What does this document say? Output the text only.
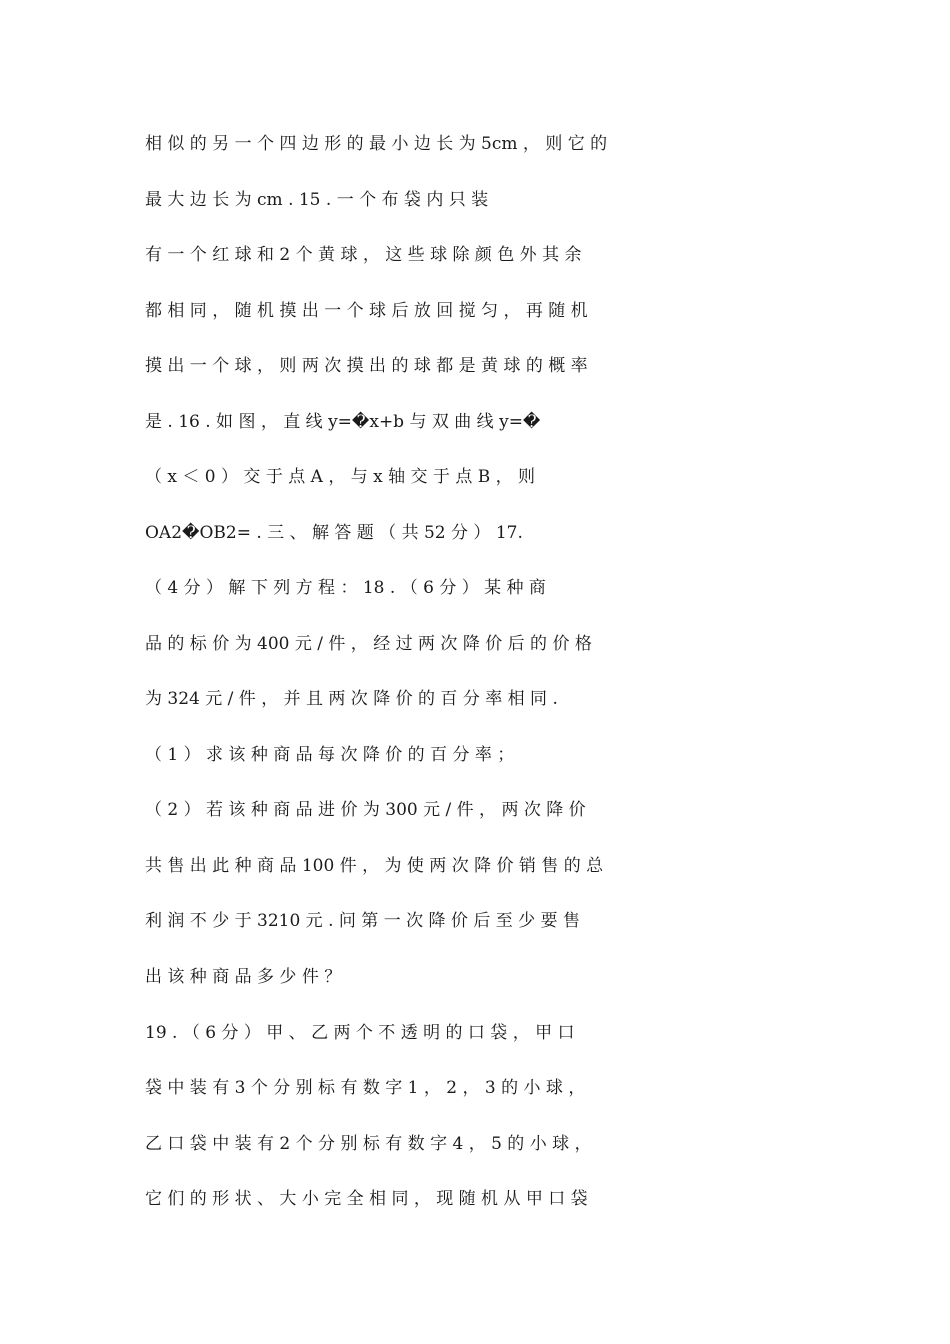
相 似 的 另 一 个 四 边 形 的 最 小 边 长 为 5cm ， 则 它 的

最 大 边 长 为 cm . 15 . 一 个 布 袋 内 只 装

有 一 个 红 球 和 2 个 黄 球 ， 这 些 球 除 颜 色 外 其 余

都 相 同 ， 随 机 摸 出 一 个 球 后 放 回 搅 匀 ， 再 随 机

摸 出 一 个 球 ， 则 两 次 摸 出 的 球 都 是 黄 球 的 概 率

是 . 16 . 如 图 ， 直 线 y=�x+b 与 双 曲 线 y=�

（ x ＜ 0 ） 交 于 点 A ， 与 x 轴 交 于 点 B ， 则

OA2�OB2= . 三 、 解 答 题 （ 共 52 分 ） 17.

（ 4 分 ） 解 下 列 方 程 ： 18 . （ 6 分 ） 某 种 商

品 的 标 价 为 400 元 / 件 ， 经 过 两 次 降 价 后 的 价 格

为 324 元 / 件 ， 并 且 两 次 降 价 的 百 分 率 相 同 .

（ 1 ） 求 该 种 商 品 每 次 降 价 的 百 分 率 ；

（ 2 ） 若 该 种 商 品 进 价 为 300 元 / 件 ， 两 次 降 价

共 售 出 此 种 商 品 100 件 ， 为 使 两 次 降 价 销 售 的 总

利 润 不 少 于 3210 元 . 问 第 一 次 降 价 后 至 少 要 售

出 该 种 商 品 多 少 件 ？

19 . （ 6 分 ） 甲 、 乙 两 个 不 透 明 的 口 袋 ， 甲 口

袋 中 装 有 3 个 分 别 标 有 数 字 1 ， 2 ， 3 的 小 球 ，

乙 口 袋 中 装 有 2 个 分 别 标 有 数 字 4 ， 5 的 小 球 ，

它 们 的 形 状 、 大 小 完 全 相 同 ， 现 随 机 从 甲 口 袋
